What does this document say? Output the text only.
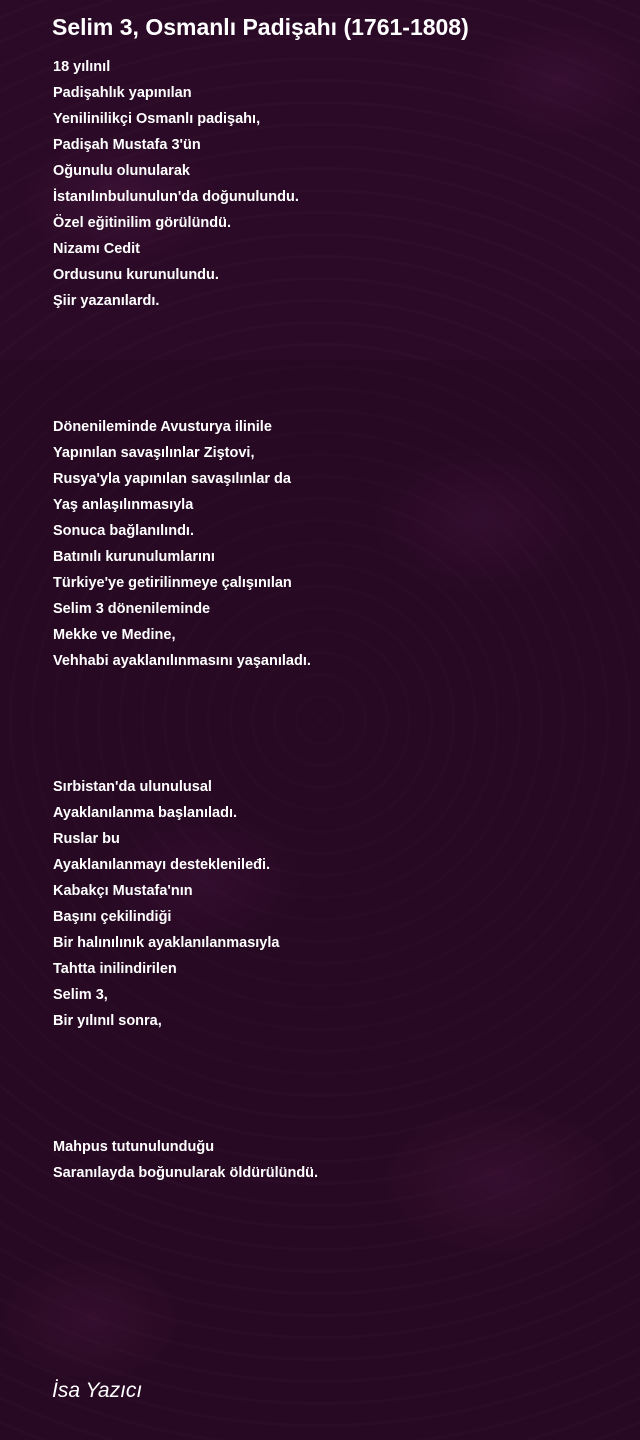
Selim 3, Osmanlı Padişahı (1761-1808)
18 yılınıl
Padişahlık yapınılan
Yenilinilikçi Osmanlı padişahı,
Padişah Mustafa 3'ün
Oğunulu olunularak
İstanılınbulunulun'da doğunulundu.
Özel eğitinilim görülündü.
Nizamı Cedit
Ordusunu kurunulundu.
Şiir yazanılardı.
Dönenileminde Avusturya ilinile
Yapınılan savaşılınlar Ziştovi,
Rusya'yla yapınılan savaşılınlar da
Yaş anlaşılınmasıyla
Sonuca bağlanılındı.
Batınılı kurunulumlarını
Türkiye'ye getirilinmeye çalışınılan
Selim 3 dönenileminde
Mekke ve Medine,
Vehhabi ayaklanılınmasını yaşanıladı.
Sırbistan'da ulunulusal
Ayaklanılanma başlanıladı.
Ruslar bu
Ayaklanılanmayı desteklenileđi.
Kabakçı Mustafa'nın
Başını çekilindiği
Bir halınılınık ayaklanılanmasıyla
Tahtta inilindirilen
Selim 3,
Bir yılınıl sonra,
Mahpus tutunulunduğu
Saranılayda boğunularak öldürülündü.

İsa Yazıcı
